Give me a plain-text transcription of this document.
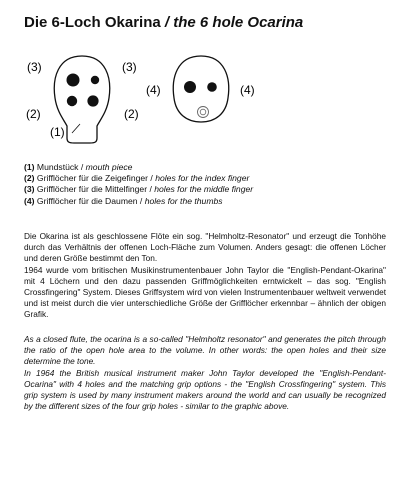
Die 6-Loch Okarina / the 6 hole Ocarina
(3)	(3)
(2)	(2)
(1)
(4)	(4)
(1) Mundstück / mouth piece
(2) Grifflöcher für die Zeigefinger / holes for the index finger
(3) Grifflöcher für die Mittelfinger / holes for the middle finger
(4) Grifflöcher für die Daumen / holes for the thumbs

Die Okarina ist als geschlossene Flöte ein sog. "Helmholtz-Resonator" und erzeugt die Tonhöhe durch das Verhältnis der offenen Loch-Fläche zum Volumen. Anders gesagt: die offenen Löcher und deren Größe bestimmt den Ton.

1964 wurde vom britischen Musikinstrumentenbauer John Taylor die "English-Pendant-Okarina" mit 4 Löchern und den dazu passenden Griffmöglichkeiten erntwickelt – das sog. "English Crossfingering" System. Dieses Griffsystem wird von vielen Instrumentenbauer weltweit verwendet und ist meist durch die vier unterschiedliche Größe der Grifflöcher erkennbar – ähnlich der obigen Grafik.

As a closed flute, the ocarina is a so-called "Helmholtz resonator" and generates the pitch through the ratio of the open hole area to the volume. In other words: the open holes and their size determine the tone.

In 1964 the British musical instrument maker John Taylor developed the "English-Pendant-Ocarina" with 4 holes and the matching grip options - the "English Crossfingering" system. This grip system is used by many instrument makers around the world and can usually be recognized by the different sizes of the four grip holes - similar to the graphic above.
